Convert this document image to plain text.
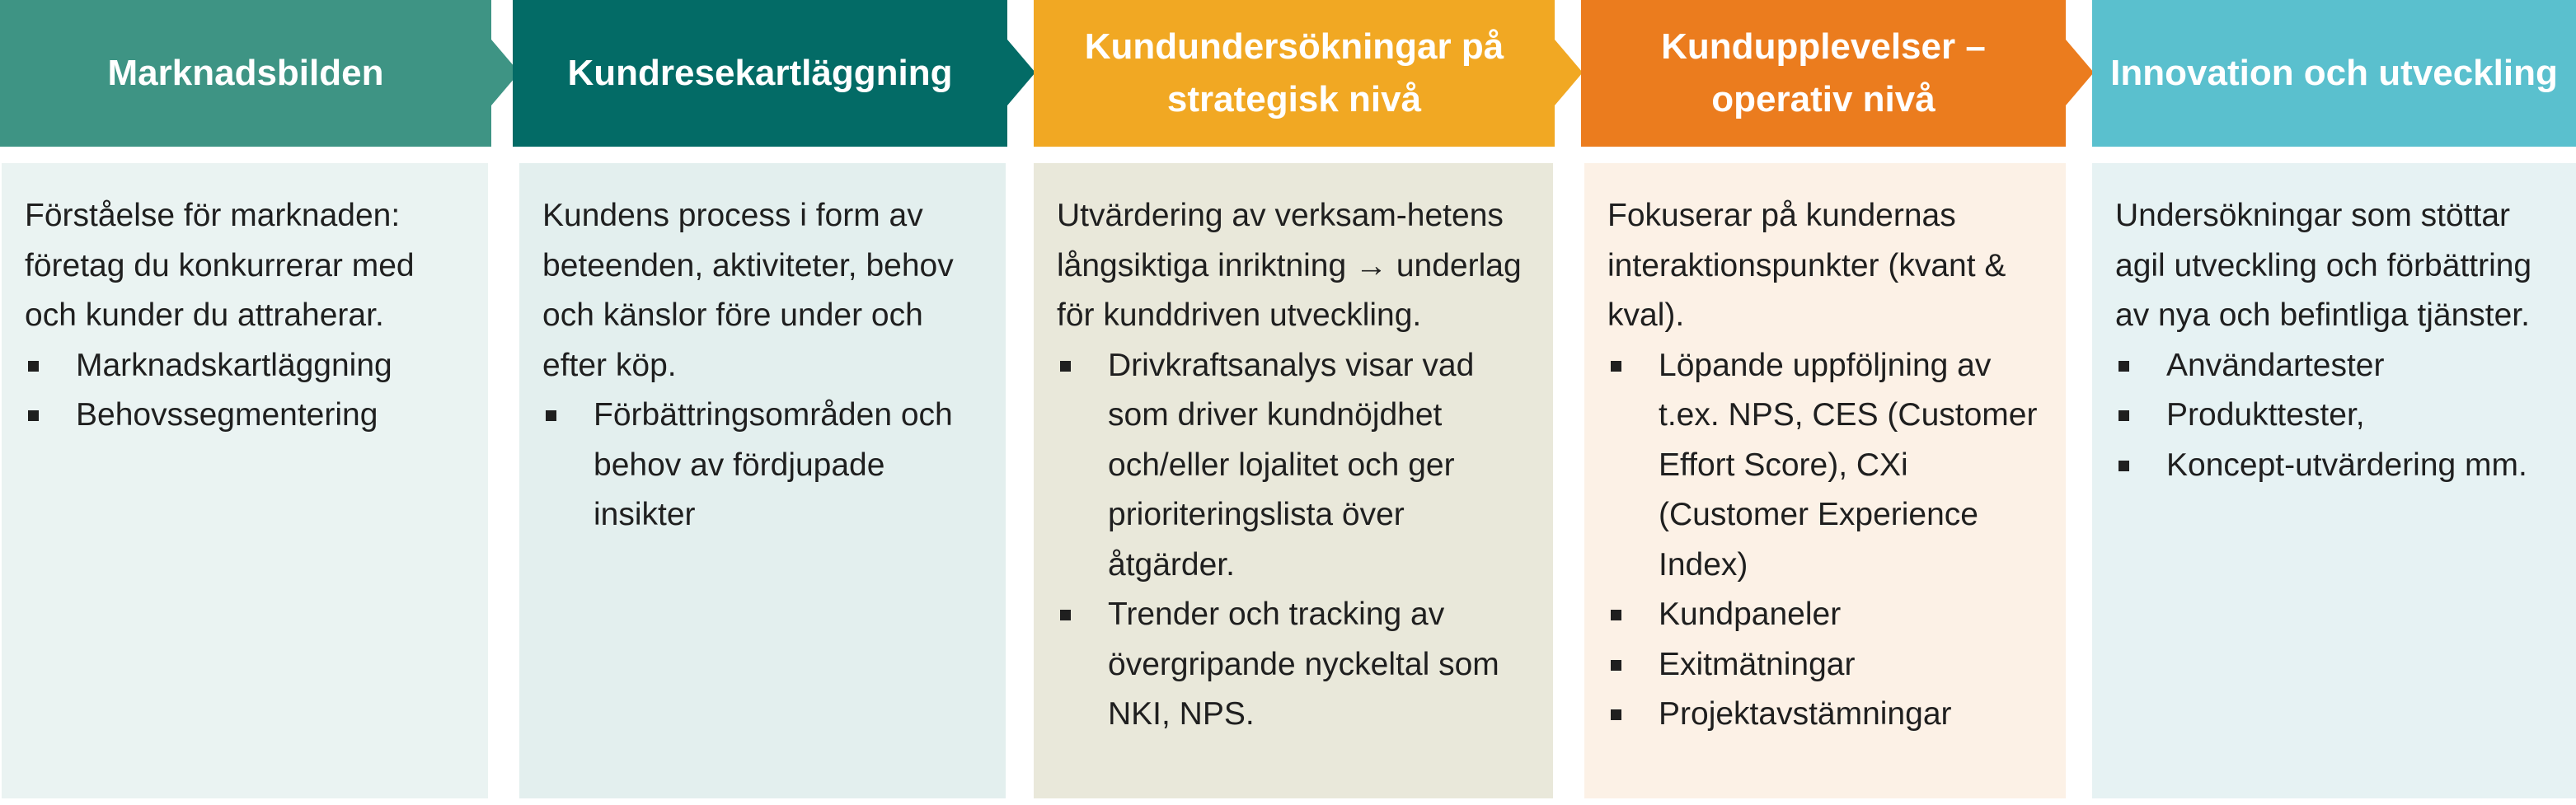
Marknadsbilden

Förståelse för marknaden: företag du konkurrerar med och kunder du attraherar.

Marknadskartläggning
Behovssegmentering
Kundresekartläggning

Kundens process i form av beteenden, aktiviteter, behov och känslor före under och efter köp.

Förbättringsområden och behov av fördjupade insikter
Kundundersökningar på strategisk nivå

Utvärdering av verksam-hetens långsiktiga inriktning → underlag för kunddriven utveckling.

Drivkraftsanalys visar vad som driver kundnöjdhet och/eller lojalitet och ger prioriteringslista över åtgärder.
Trender och tracking av övergripande nyckeltal som NKI, NPS.
Kundupplevelser – operativ nivå

Fokuserar på kundernas interaktionspunkter (kvant & kval).

Löpande uppföljning av t.ex. NPS, CES (Customer Effort Score), CXi (Customer Experience Index)
Kundpaneler
Exitmätningar
Projektavstämningar
Innovation och utveckling

Undersökningar som stöttar agil utveckling och förbättring av nya och befintliga tjänster.

Användartester
Produkttester,
Koncept-utvärdering mm.
